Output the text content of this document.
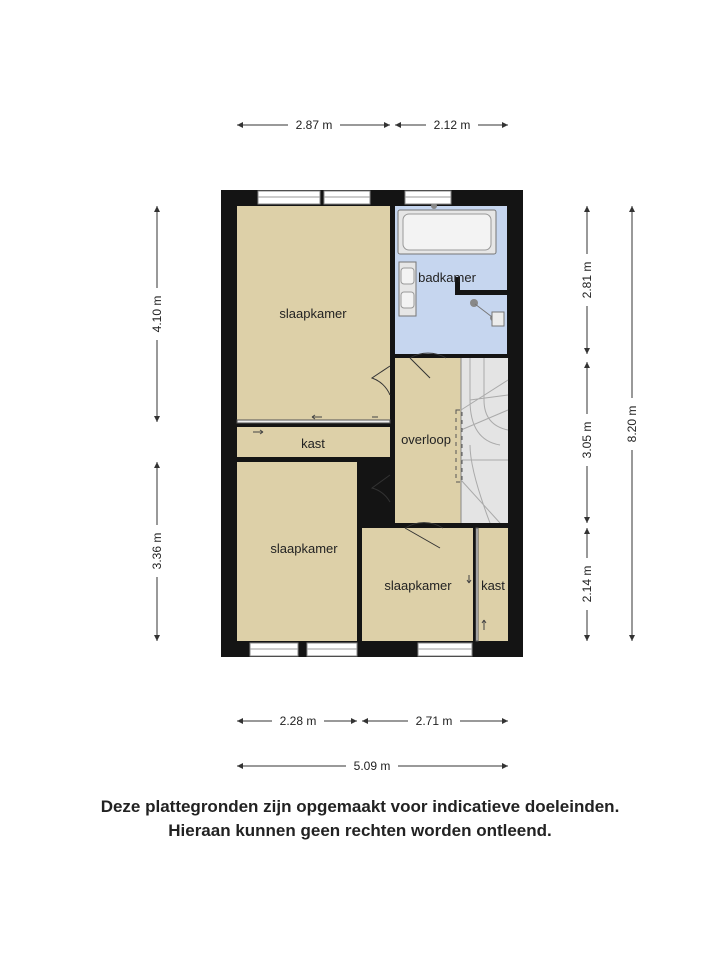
slaapkamer
kast
badkamer
overloop
slaapkamer
slaapkamer kast
2.87 m	2.12 m
2.28 m	2.71 m
5.09 m
4.10 m
3.36 m
2.81 m
3.05 m
2.14 m
8.20 m
Deze plattegronden zijn opgemaakt voor indicatieve doeleinden.
Hieraan kunnen geen rechten worden ontleend.
